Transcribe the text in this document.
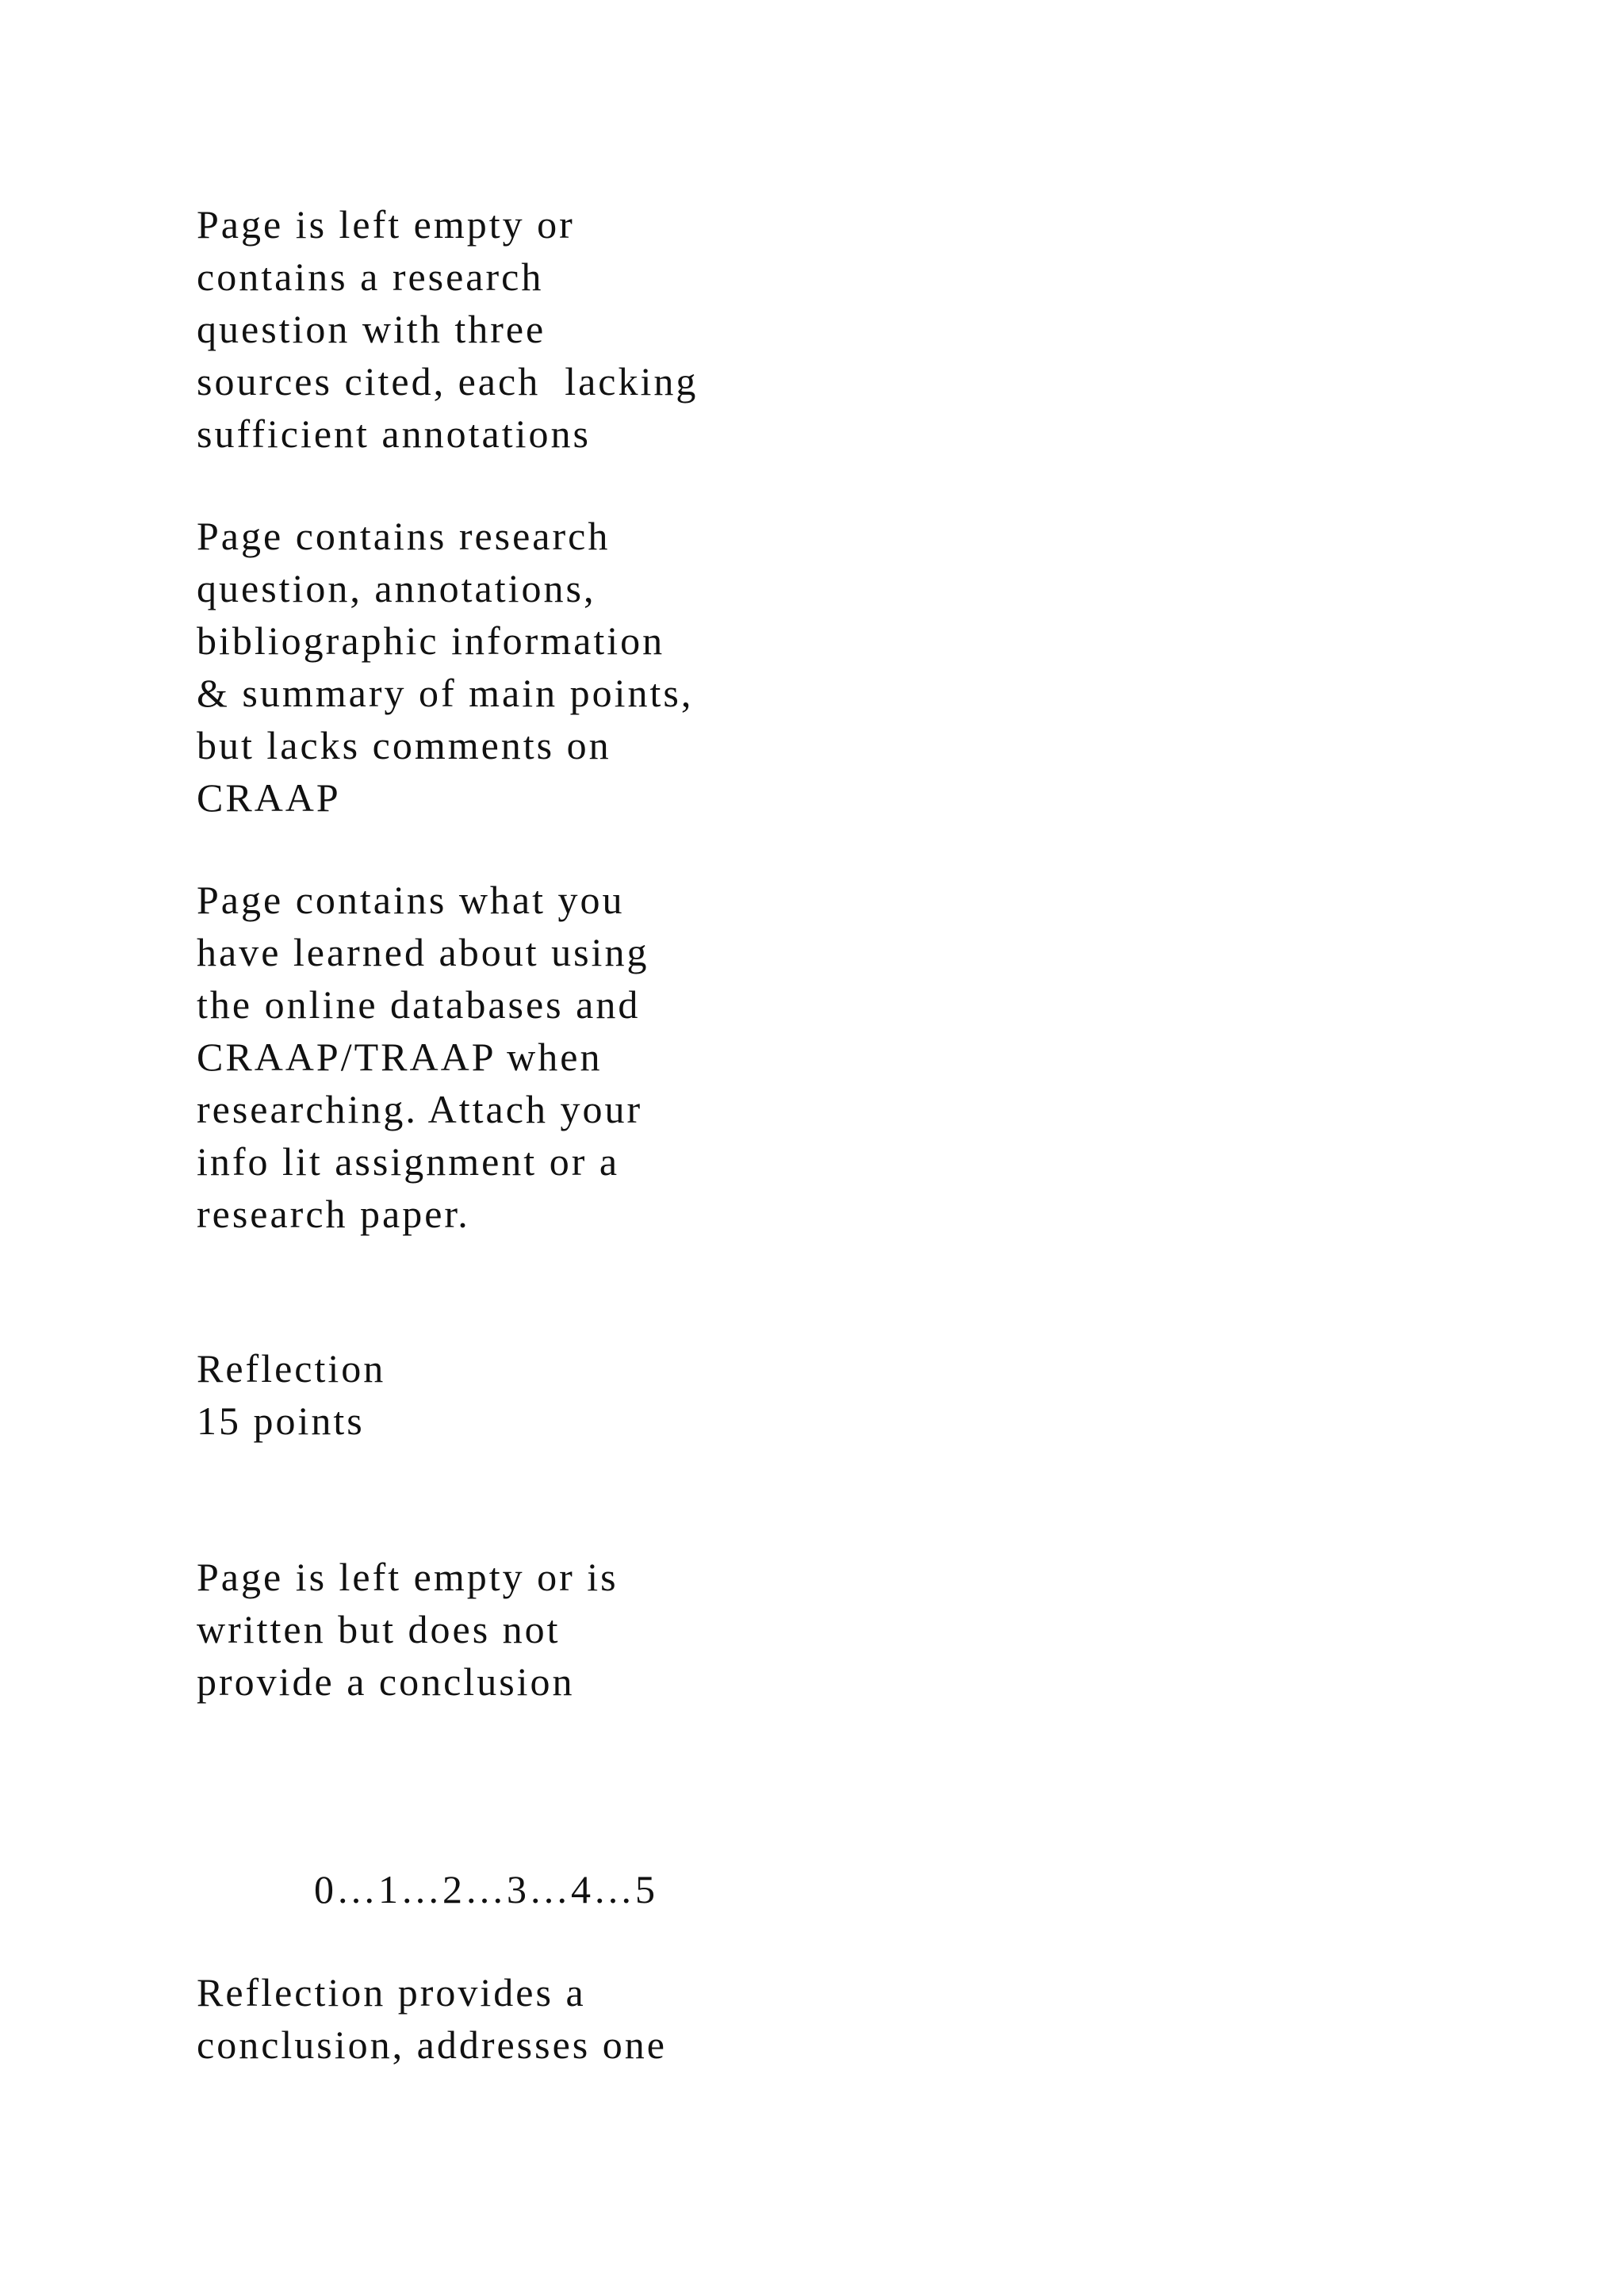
Page is left empty or
contains a research
question with three
sources cited, each  lacking
sufficient annotations

Page contains research
question, annotations,
bibliographic information
& summary of main points,
but lacks comments on
CRAAP

Page contains what you
have learned about using
the online databases and
CRAAP/TRAAP when
researching. Attach your
info lit assignment or a
research paper.

Reflection
15 points

Page is left empty or is
written but does not
provide a conclusion

0…1…2…3…4…5

Reflection provides a
conclusion, addresses one
